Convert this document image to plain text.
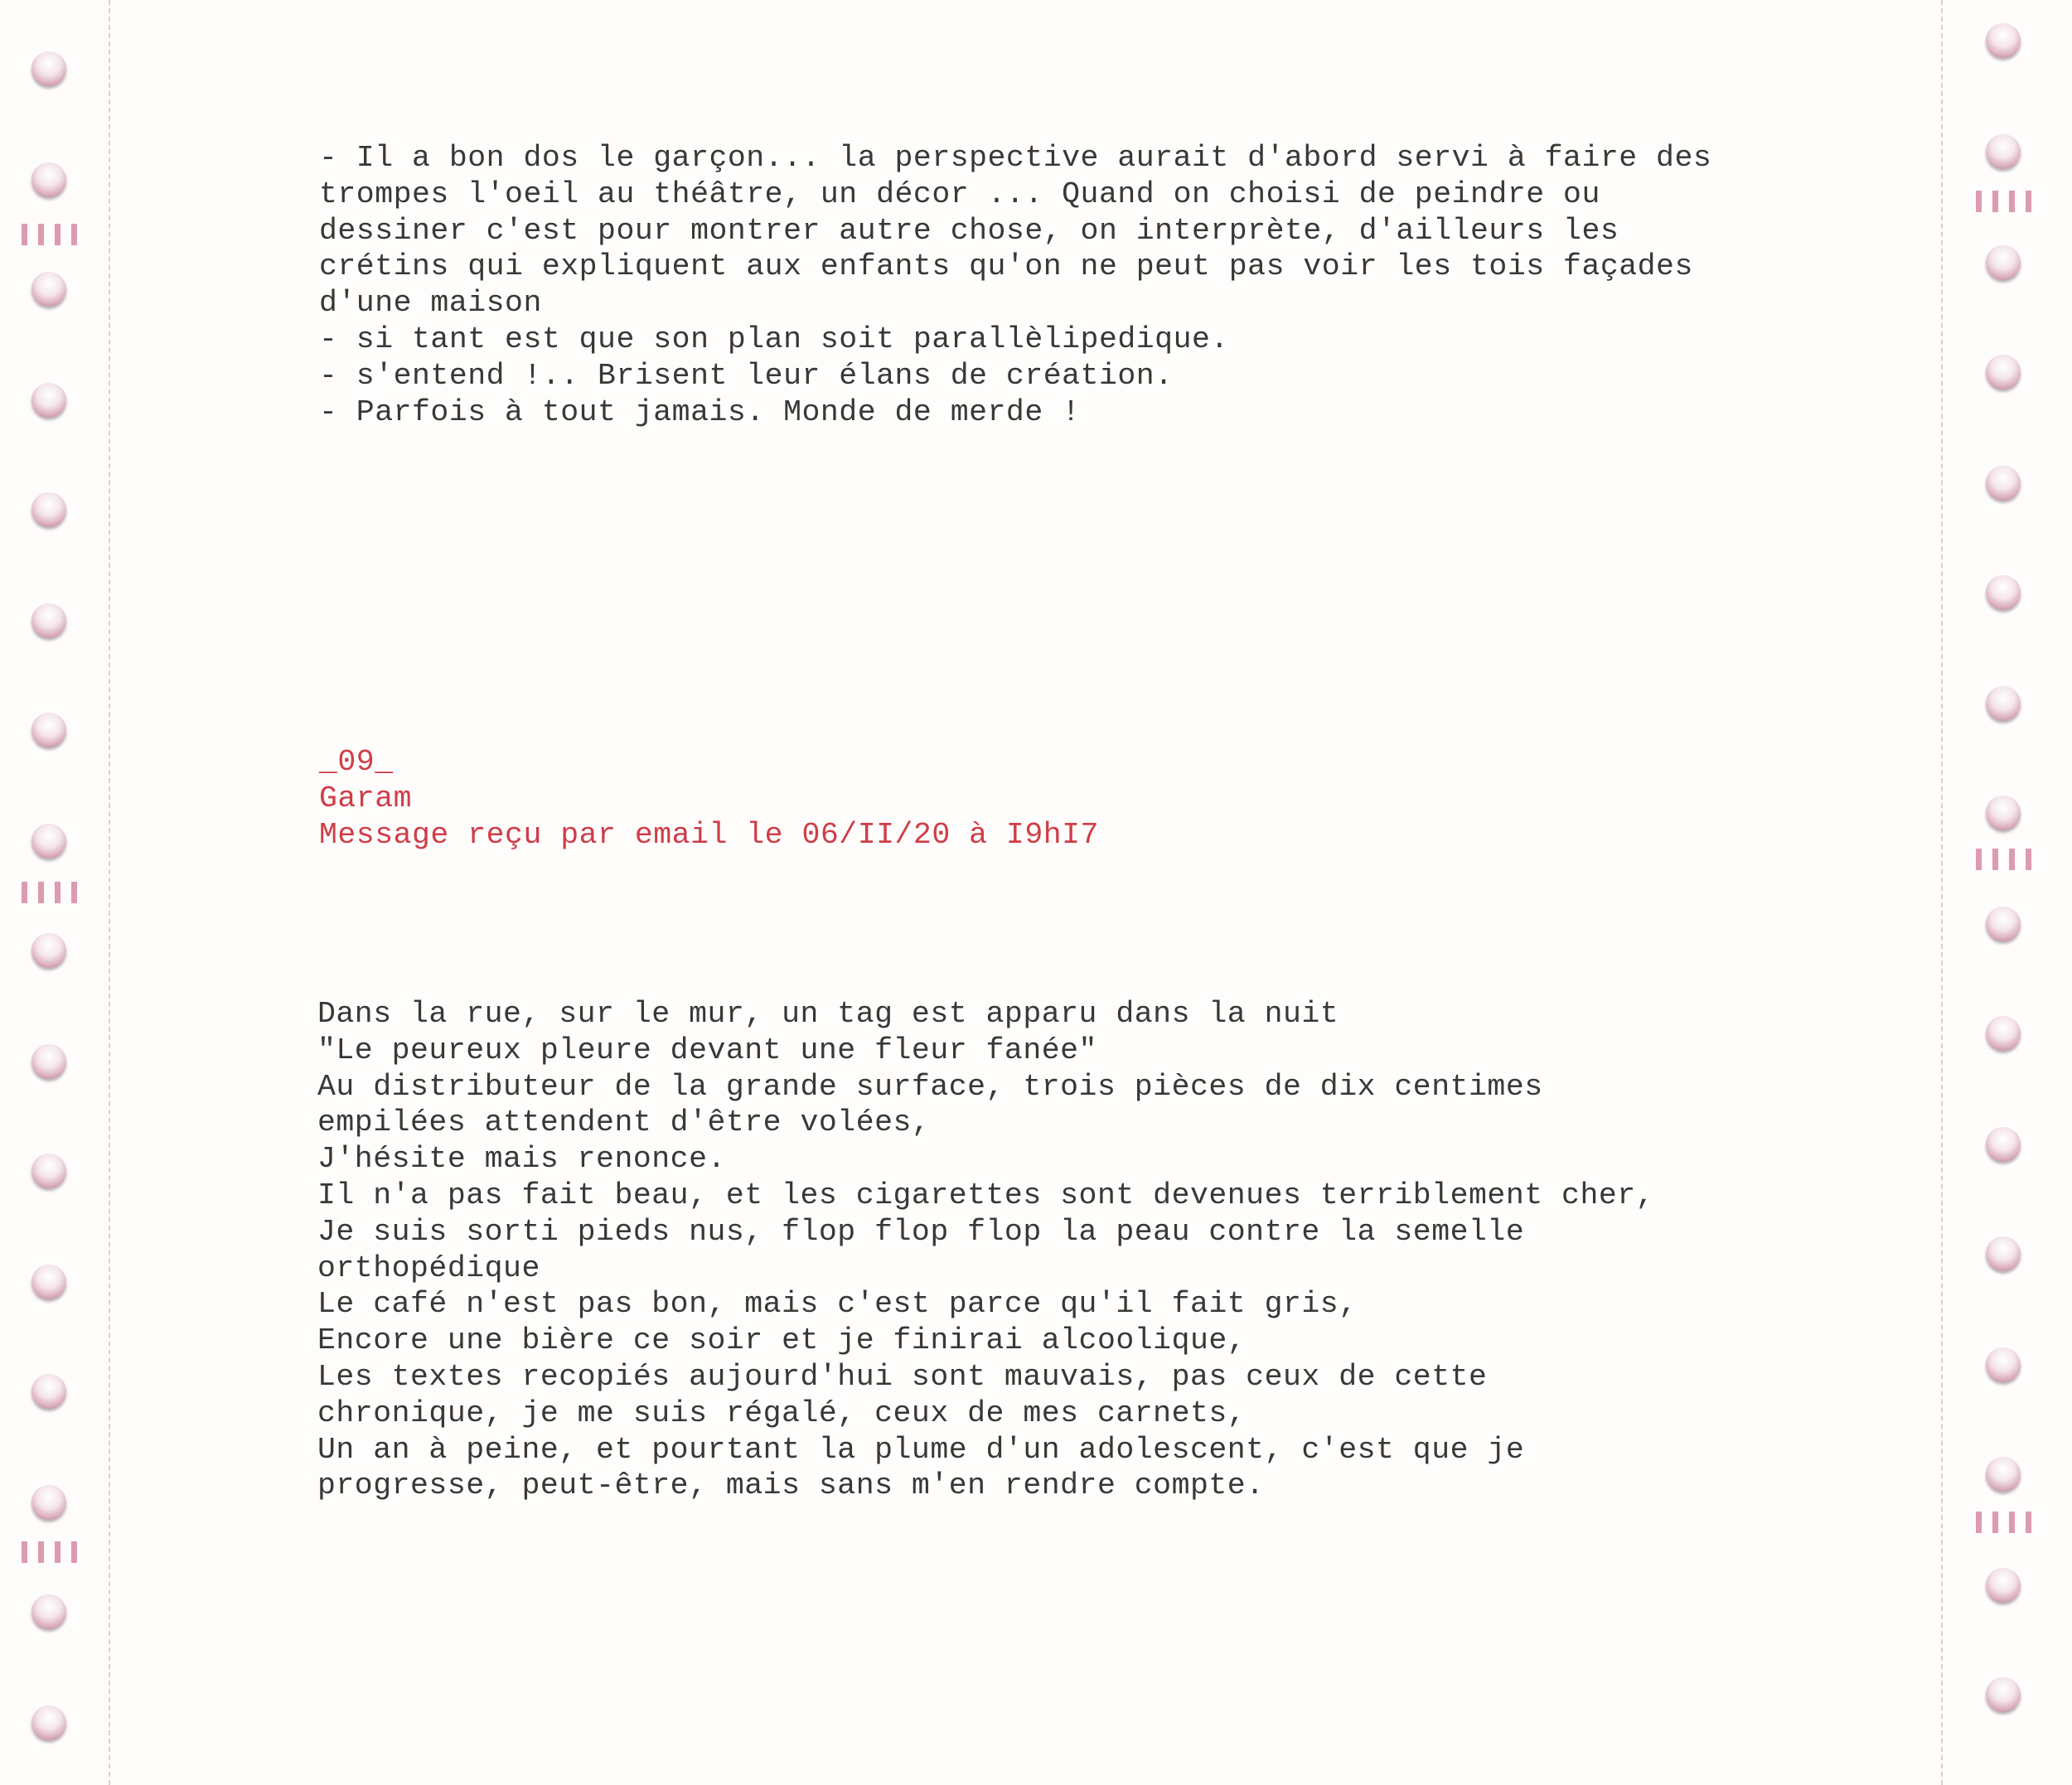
- Il a bon dos le garçon... la perspective aurait d'abord servi à faire des
trompes l'oeil au théâtre, un décor ... Quand on choisi de peindre ou
dessiner c'est pour montrer autre chose, on interprète, d'ailleurs les
crétins qui expliquent aux enfants qu'on ne peut pas voir les tois façades
d'une maison
- si tant est que son plan soit parallèlipedique.
- s'entend !.. Brisent leur élans de création.
- Parfois à tout jamais. Monde de merde !
_09_
Garam
Message reçu par email le 06/II/20 à I9hI7
Dans la rue, sur le mur, un tag est apparu dans la nuit
"Le peureux pleure devant une fleur fanée"
Au distributeur de la grande surface, trois pièces de dix centimes
empilées attendent d'être volées,
J'hésite mais renonce.
Il n'a pas fait beau, et les cigarettes sont devenues terriblement cher,
Je suis sorti pieds nus, flop flop flop la peau contre la semelle
orthopédique
Le café n'est pas bon, mais c'est parce qu'il fait gris,
Encore une bière ce soir et je finirai alcoolique,
Les textes recopiés aujourd'hui sont mauvais, pas ceux de cette
chronique, je me suis régalé, ceux de mes carnets,
Un an à peine, et pourtant la plume d'un adolescent, c'est que je
progresse, peut-être, mais sans m'en rendre compte.
